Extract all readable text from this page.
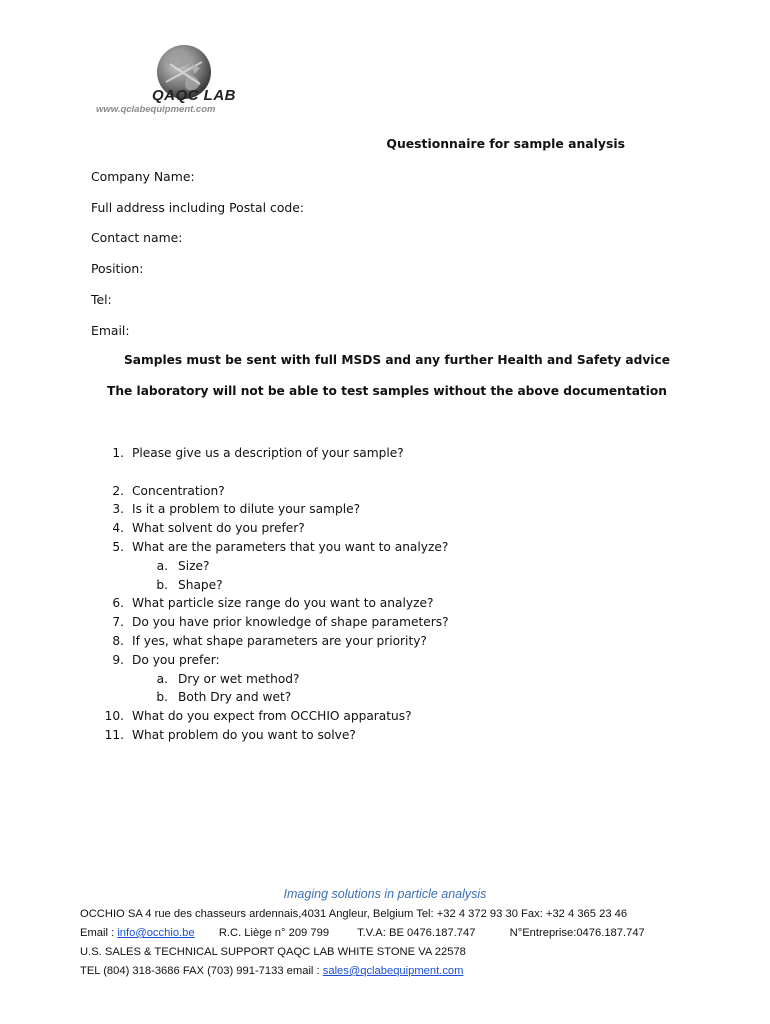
QAQC LAB
www.qclabequipment.com
Questionnaire for sample analysis
Company Name:
Full address including Postal code:
Contact name:
Position:
Tel:
Email:
Samples must be sent with full MSDS and any further Health and Safety advice
The laboratory will not be able to test samples without the above documentation
1. Please give us a description of your sample?
2. Concentration?
3. Is it a problem to dilute your sample?
4. What solvent do you prefer?
5. What are the parameters that you want to analyze?
a. Size?
b. Shape?
6. What particle size range do you want to analyze?
7. Do you have prior knowledge of shape parameters?
8. If yes, what shape parameters are your priority?
9. Do you prefer:
a. Dry or wet method?
b. Both Dry and wet?
10. What do you expect from OCCHIO apparatus?
11. What problem do you want to solve?
Imaging solutions in particle analysis
OCCHIO SA 4 rue des chasseurs ardennais,4031 Angleur, Belgium Tel: +32 4 372 93 30 Fax: +32 4 365 23 46
Email : info@occhio.be R.C. Liège n° 209 799	T.V.A: BE 0476.187.747	N°Entreprise:0476.187.747
U.S. SALES & TECHNICAL SUPPORT QAQC LAB WHITE STONE VA 22578
TEL (804) 318-3686 FAX (703) 991-7133 email : sales@qclabequipment.com
